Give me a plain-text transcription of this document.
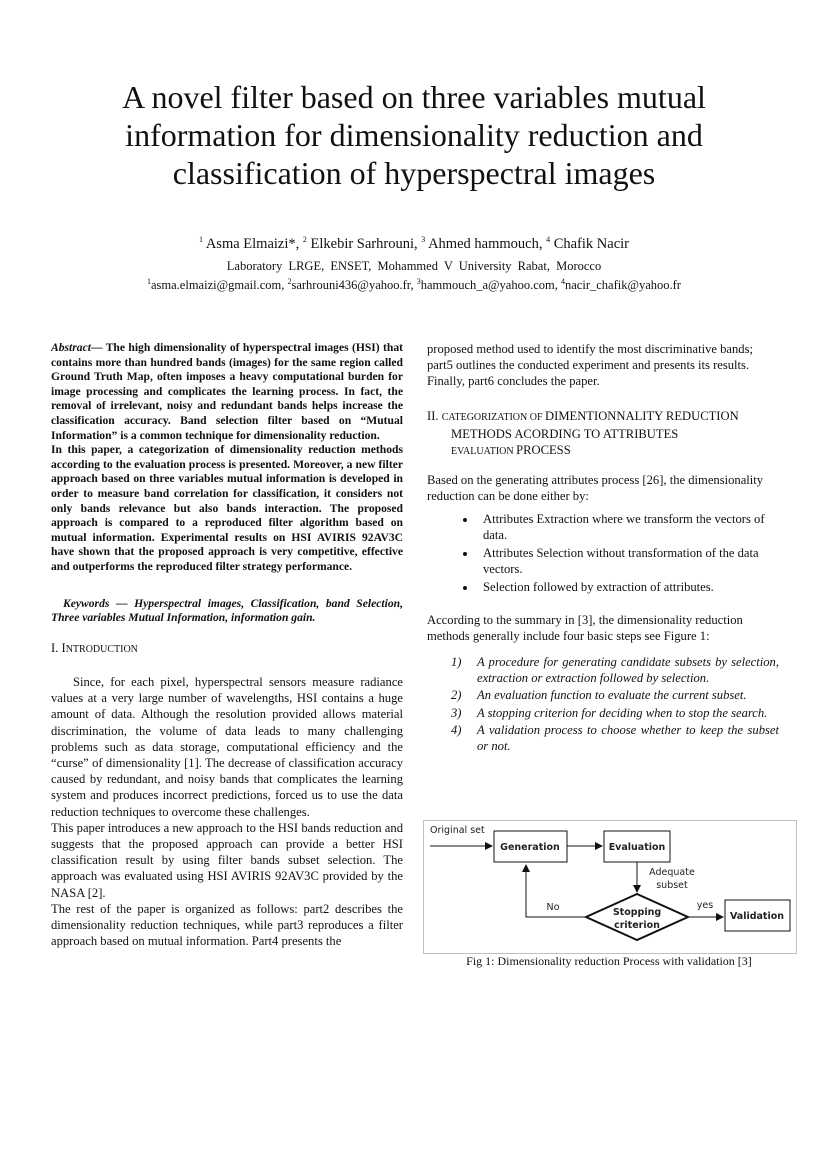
A novel filter based on three variables mutual information for dimensionality reduction and classification of hyperspectral images
$^1$ Asma Elmaizi*, $^2$ Elkebir Sarhrouni, $^3$ Ahmed hammouch, $^4$ Chafik Nacir
Laboratory LRGE, ENSET, Mohammed V University Rabat, Morocco
$^1$asma.elmaizi@gmail.com, $^2$sarhrouni436@yahoo.fr, $^3$hammouch_a@yahoo.com, $^4$nacir_chafik@yahoo.fr

Abstract— The high dimensionality of hyperspectral images (HSI) that contains more than hundred bands (images) for the same region called Ground Truth Map, often imposes a heavy computational burden for image processing and complicates the learning process. In fact, the removal of irrelevant, noisy and redundant bands helps increase the classification accuracy. Band selection filter based on “Mutual Information” is a common technique for dimensionality reduction.

In this paper, a categorization of dimensionality reduction methods according to the evaluation process is presented. Moreover, a new filter approach based on three variables mutual information is developed in order to measure band correlation for classification, it considers not only bands relevance but also bands interaction. The proposed approach is compared to a reproduced filter algorithm based on mutual information. Experimental results on HSI AVIRIS 92AV3C have shown that the proposed approach is very competitive, effective and outperforms the reproduced filter strategy performance.

Keywords — Hyperspectral images, Classification, band Selection, Three variables Mutual Information, information gain.

I. INTRODUCTION

Since, for each pixel, hyperspectral sensors measure radiance values at a very large number of wavelengths, HSI contains a huge amount of data. Although the resolution provided allows material discrimination, the volume of data leads to many challenging problems such as data storage, computational efficiency and the “curse” of dimensionality [1]. The decrease of classification accuracy caused by redundant, and noisy bands that complicates the learning system and produces incorrect predictions, forced us to use the data reduction techniques to overcome these challenges.

This paper introduces a new approach to the HSI bands reduction and suggests that the proposed approach can provide a better HSI classification result by using filter bands subset selection. The approach was evaluated using HSI AVIRIS 92AV3C provided by the NASA [2].

The rest of the paper is organized as follows: part2 describes the dimensionality reduction techniques, while part3 reproduces a filter approach based on mutual information. Part4 presents the

proposed method used to identify the most discriminative bands; part5 outlines the conducted experiment and presents its results. Finally, part6 concludes the paper.

II. CATEGORIZATION OF DIMENTIONNALITY REDUCTION
METHODS ACORDING TO ATTRIBUTES
EVALUATION PROCESS

Based on the generating attributes process [26], the dimensionality reduction can be done either by:

• Attributes Extraction where we transform the vectors of data.
• Attributes Selection without transformation of the data vectors.
• Selection followed by extraction of attributes.

According to the summary in [3], the dimensionality reduction methods generally include four basic steps see Figure 1:

1) A procedure for generating candidate subsets by selection, extraction or extraction followed by selection.
2) An evaluation function to evaluate the current subset.
3) A stopping criterion for deciding when to stop the search.
4) A validation process to choose whether to keep the subset or not.
Original set
Generation	Evaluation
Adequate
subset
Stopping
criterion
No	yes
Validation
Fig 1: Dimensionality reduction Process with validation [3]
